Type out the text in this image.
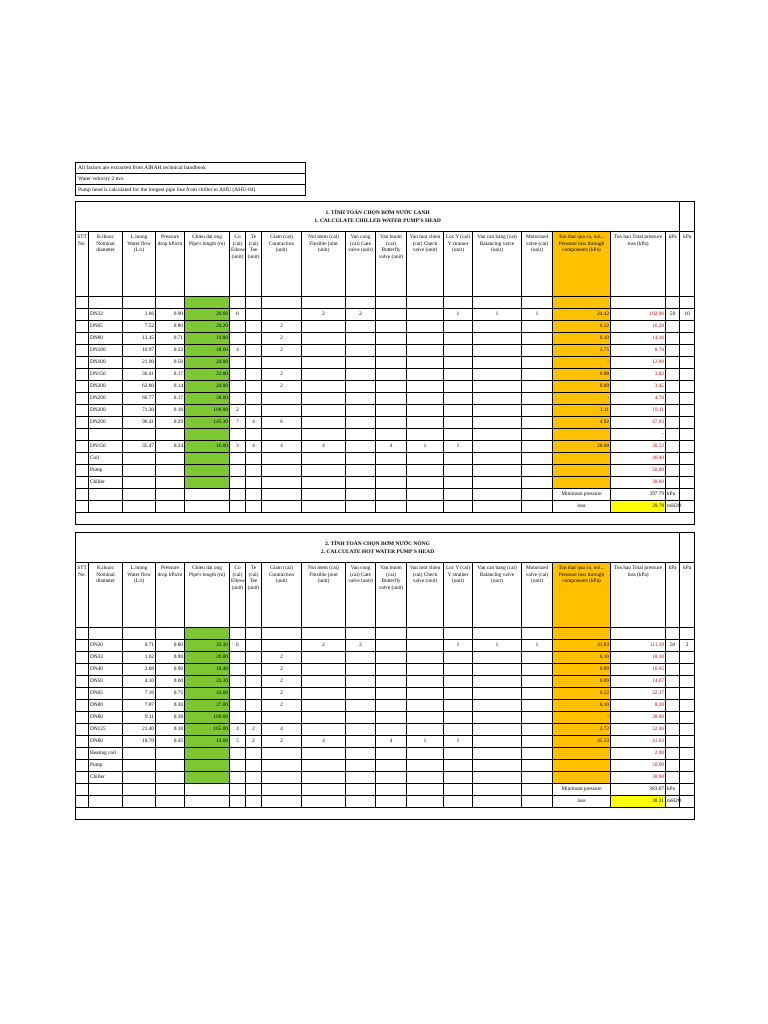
All factors are extracted from AIRAH technical handbook
Water velocity 2 m/s
Pump head is calculated for the longest pipe line from chiller to AHU (AHU-04)
1. TÍNH TOÁN CHỌN BƠM NƯỚC LẠNH
1. CALCULATE CHILLED WATER PUMP'S HEAD																		

STT No.	K.thuoc Nominal diameter	L.luong Water flow (L/s)	Pressure drop kPa/m	Chieu dai ong Pipe's length (m)	Co (cai) Elbow (unit)	Te (cai) Tee (unit)	Giam (cai) Contraction (unit)	Noi mem (cai) Flexible joint (unit)	Van cong (cai) Gate valve (unit)	Van buom (cai) Butterfly valve (unit)	Van mot chieu (cai) Check valve (unit)	Loc Y (cai) Y strainer (unit)	Van can bang (cai) Balancing valve (unit)	Motorized valve (cai) (unit)	Ton that qua co, noi... Pressure loss through components (kPa)	Ton hao Total pressure loss (kPa)	kPa	kPa

	DN32	1.66	0.90	20.60	6			2	2			1	1	1	24.42	102.96	50	10
	DN65	7.52	0.80	20.20			2								0.12	16.28		
	DN80	13.45	0.71	19.80			2								0.10	14.16		
	DN100	16.97	0.32	18.60	4		2								2.75	8.70		
	DN100	21.90	0.50	24.00											-	12.00		
	DN150	36.41	0.17	22.00			2								0.08	3.82		
	DN200	62.80	0.14	24.00			2								0.09	3.45		
	DN200	66.77	0.17	28.00											-	4.76		
	DN200	71.30	0.18	100.00	2										1.11	19.11		
	DN200	96.41	0.29	145.30	7	4	6								4.92	47.03		
																-		
	DN150	35.47	0.24	16.00	3	4	4	4		4	1	1			26.68	30.52		
	Coil															46.40		
	Pump															50.00		
	Chiller															38.60		
															Minimum pressure	397.79	kPa	
															loss	39.78	mH2O	

2. TÍNH TOÁN CHỌN BƠM NƯỚC NÓNG
2. CALCULATE HOT WATER PUMP'S HEAD																		

STT No.	K.thuoc Nominal diameter	L.luong Water flow (L/s)	Pressure drop kPa/m	Chieu dai ong Pipe's length (m)	Co (cai) Elbow (unit)	Te (cai) Tee (unit)	Giam (cai) Contraction (unit)	Noi mem (cai) Flexible joint (unit)	Van cong (cai) Gate valve (unit)	Van buom (cai) Butterfly valve (unit)	Van mot chieu (cai) Check valve (unit)	Loc Y (cai) Y strainer (unit)	Van can bang (cai) Balancing valve (unit)	Motorized valve (cai) (unit)	Ton that qua co, noi... Pressure loss through components (kPa)	Ton hao Total pressure loss (kPa)	kPa	kPa

	DN20	0.71	0.80	33.30	6			2	2			1	1	1	31.83	111.39	50	3
	DN32	1.62	0.90	20.00			2								0.10	18.10		
	DN40	2.68	0.90	18.40			2								0.09	16.65		
	DN50	4.10	0.60	23.30			2								0.09	14.07		
	DN65	7.16	0.75	43.00			2								0.12	32.37		
	DN80	7.87	0.30	27.00			2								0.10	8.20		
	DN80	9.11	0.38	100.00											-	38.00		
	DN125	21.40	0.18	165.00	4	2	4								2.72	32.06		
	DN80	10.70	0.45	14.00	5	2	2	4		4	1	1			35.33	41.63		
	Heating coil															2.00		
	Pump															50.00		
	Chiller															38.60		
															Minimum pressure	383.07	kPa	
															loss	38.31	mH2O	
